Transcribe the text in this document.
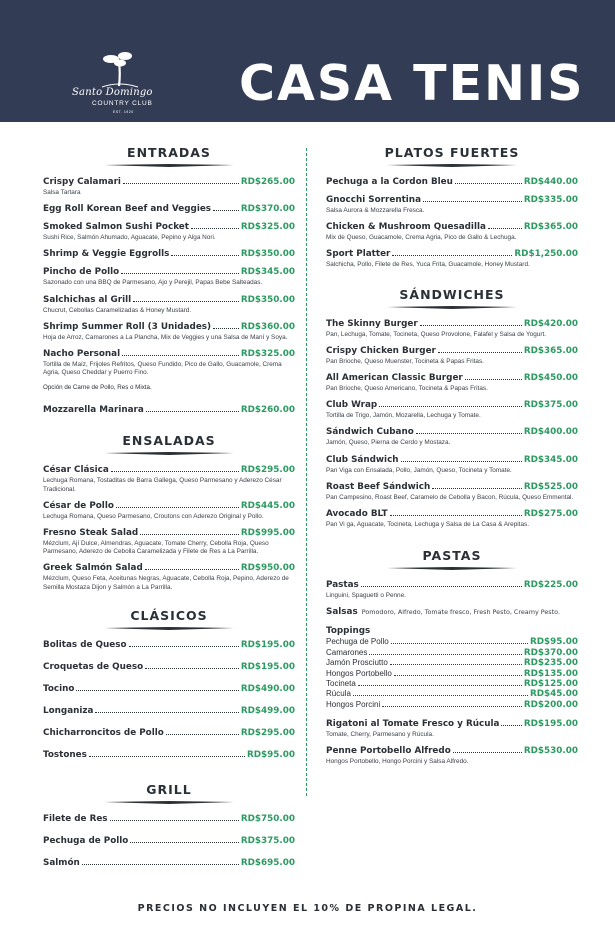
Santo Domingo
COUNTRY CLUB
EST. 1920 CASA TENIS
ENTRADAS
Crispy Calamari	RD$265.00
Salsa Tartara
Egg Roll Korean Beef and Veggies	RD$370.00
Smoked Salmon Sushi Pocket	RD$325.00
Sushi Rice, Salmón Ahumado, Aguacate, Pepino y Alga Nori.
Shrimp & Veggie Eggrolls	RD$350.00
Pincho de Pollo	RD$345.00
Sazonado con una BBQ de Parmesano, Ajo y Perejil, Papas Bebe Salteadas.
Salchichas al Grill	RD$350.00
Chucrut, Cebollas Caramelizadas & Honey Mustard.
Shrimp Summer Roll (3 Unidades)	RD$360.00
Hoja de Arroz, Camarones a La Plancha, Mix de Veggies y una Salsa de Maní y Soya.
Nacho Personal	RD$325.00
Tortilla de Maíz, Frijoles Refritos, Queso Fundido, Pico de Gallo, Guacamole, Crema Agria, Queso Cheddar y Puerro Fino.
Opción de Carne de Pollo, Res o Mixta.
Mozzarella Marinara	RD$260.00
ENSALADAS
César Clásica	RD$295.00
Lechuga Romana, Tostaditas de Barra Gallega, Queso Parmesano y Aderezo César Tradicional.
César de Pollo	RD$445.00
Lechuga Romana, Queso Parmesano, Croutons con Aderezo Original y Pollo.
Fresno Steak Salad	RD$995.00
Mézclum, Ají Dulce, Almendras, Aguacate, Tomate Cherry, Cebolla Roja, Queso Parmesano, Aderezo de Cebolla Caramelizada y Filete de Res a La Parrilla.
Greek Salmón Salad	RD$950.00
Mézclum, Queso Feta, Aceitunas Negras, Aguacate, Cebolla Roja, Pepino, Aderezo de Semilla Mostaza Dijon y Salmón a La Parrilla.
CLÁSICOS
Bolitas de Queso	RD$195.00
Croquetas de Queso	RD$195.00
Tocino	RD$490.00
Longaniza	RD$499.00
Chicharroncitos de Pollo	RD$295.00
Tostones	RD$95.00
GRILL
Filete de Res	RD$750.00
Pechuga de Pollo	RD$375.00
Salmón	RD$695.00
PLATOS FUERTES
Pechuga a la Cordon Bleu	RD$440.00
Gnocchi Sorrentina	RD$335.00
Salsa Aurora & Mozzarella Fresca.
Chicken & Mushroom Quesadilla	RD$365.00
Mix de Queso, Guacamole, Crema Agria, Pico de Gallo & Lechuga.
Sport Platter	RD$1,250.00
Salchicha, Pollo, Filete de Res, Yuca Frita, Guacamole, Honey Mustard.
SÁNDWICHES
The Skinny Burger	RD$420.00
Pan, Lechuga, Tomate, Tocineta, Queso Provolone, Falafel y Salsa de Yogurt.
Crispy Chicken Burger	RD$365.00
Pan Brioche, Queso Muenster, Tocineta & Papas Fritas.
All American Classic Burger	RD$450.00
Pan Brioche, Queso Americano, Tocineta & Papas Fritas.
Club Wrap	RD$375.00
Tortilla de Trigo, Jamón, Mozarella, Lechuga y Tomate.
Sándwich Cubano	RD$400.00
Jamón, Queso, Pierna de Cerdo y Mostaza.
Club Sándwich	RD$345.00
Pan Viga con Ensalada, Pollo, Jamón, Queso, Tocineta y Tomate.
Roast Beef Sándwich	RD$525.00
Pan Campesino, Roast Beef, Caramelo de Cebolla y Bacon, Rúcula, Queso Emmental.
Avocado BLT	RD$275.00
Pan Vi ga, Aguacate, Tocineta, Lechuga y Salsa de La Casa & Arepitas.
PASTAS
Pastas	RD$225.00
Linguini, Spaguetti o Penne.
Salsas Pomodoro, Alfredo, Tomate fresco, Fresh Pesto, Creamy Pesto.
Toppings
Pechuga de Pollo	RD$95.00
Camarones	RD$370.00
Jamón Prosciutto	RD$235.00
Hongos Portobello	RD$135.00
Tocineta	RD$125.00
Rúcula	RD$45.00
Hongos Porcini	RD$200.00
Rigatoni al Tomate Fresco y Rúcula	RD$195.00
Tomate, Cherry, Parmesano y Rúcula.
Penne Portobello Alfredo	RD$530.00
Hongos Portobello, Hongo Porcini y Salsa Alfredo.
PRECIOS NO INCLUYEN EL 10% DE PROPINA LEGAL.
